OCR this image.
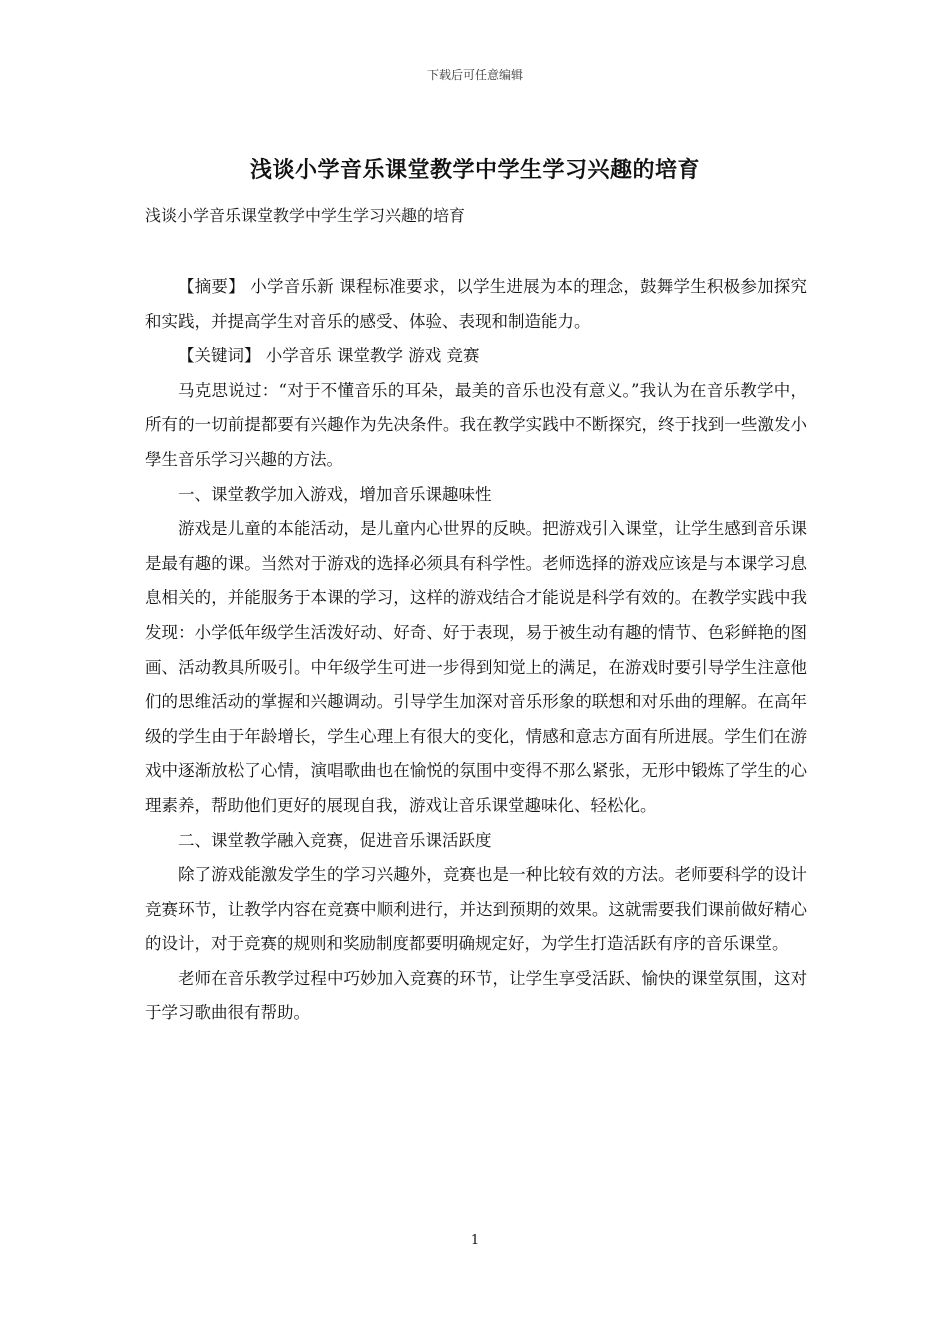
下载后可任意编辑
浅谈小学音乐课堂教学中学生学习兴趣的培育
浅谈小学音乐课堂教学中学生学习兴趣的培育

【摘要】 小学音乐新 课程标准要求，以学生进展为本的理念，鼓舞学生积极参加探究和实践，并提高学生对音乐的感受、体验、表现和制造能力。

【关键词】 小学音乐 课堂教学 游戏 竞赛

马克思说过：“对于不懂音乐的耳朵，最美的音乐也没有意义。”我认为在音乐教学中，所有的一切前提都要有兴趣作为先决条件。我在教学实践中不断探究，终于找到一些激发小學生音乐学习兴趣的方法。

一、课堂教学加入游戏，增加音乐课趣味性

游戏是儿童的本能活动，是儿童内心世界的反映。把游戏引入课堂，让学生感到音乐课是最有趣的课。当然对于游戏的选择必须具有科学性。老师选择的游戏应该是与本课学习息息相关的，并能服务于本课的学习，这样的游戏结合才能说是科学有效的。在教学实践中我发现：小学低年级学生活泼好动、好奇、好于表现，易于被生动有趣的情节、色彩鲜艳的图画、活动教具所吸引。中年级学生可进一步得到知觉上的满足，在游戏时要引导学生注意他们的思维活动的掌握和兴趣调动。引导学生加深对音乐形象的联想和对乐曲的理解。在高年级的学生由于年龄增长，学生心理上有很大的变化，情感和意志方面有所进展。学生们在游戏中逐渐放松了心情，演唱歌曲也在愉悦的氛围中变得不那么紧张，无形中锻炼了学生的心理素养，帮助他们更好的展现自我，游戏让音乐课堂趣味化、轻松化。

二、课堂教学融入竞赛，促进音乐课活跃度

除了游戏能激发学生的学习兴趣外，竞赛也是一种比较有效的方法。老师要科学的设计竞赛环节，让教学内容在竞赛中顺利进行，并达到预期的效果。这就需要我们课前做好精心的设计，对于竞赛的规则和奖励制度都要明确规定好，为学生打造活跃有序的音乐课堂。

老师在音乐教学过程中巧妙加入竞赛的环节，让学生享受活跃、愉快的课堂氛围，这对于学习歌曲很有帮助。

1
